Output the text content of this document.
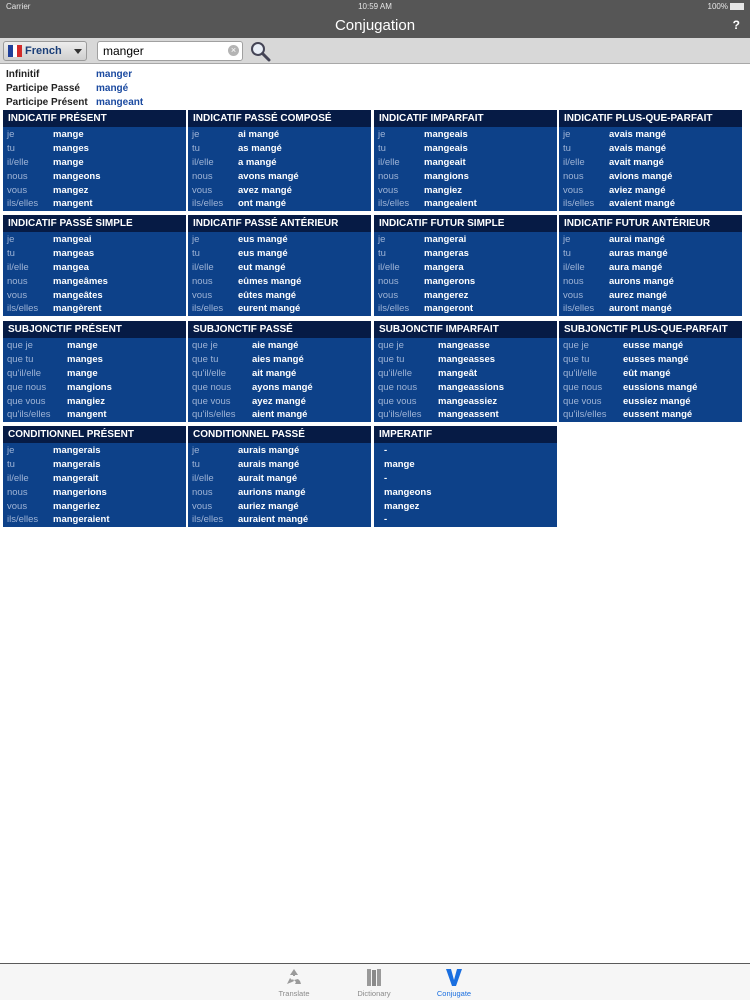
Carrier	10:59 AM	100%
Conjugation	?
French
manger	×
Infinitif	manger
Participe Passé mangé
Participe Présent mangeant
INDICATIF PRÉSENT
je	mange
tu	manges
il/elle	mange
nous	mangeons
vous	mangez
ils/elles mangent
INDICATIF PASSÉ COMPOSÉ
je	ai mangé
tu	as mangé
il/elle	a mangé
nous	avons mangé
vous	avez mangé
ils/elles ont mangé
INDICATIF IMPARFAIT
je	mangeais
tu	mangeais
il/elle	mangeait
nous	mangions
vous	mangiez
ils/elles mangeaient
INDICATIF PLUS-QUE-PARFAIT
je	avais mangé
tu	avais mangé
il/elle	avait mangé
nous	avions mangé
vous	aviez mangé
ils/elles avaient mangé
INDICATIF PASSÉ SIMPLE
je	mangeai
tu	mangeas
il/elle	mangea
nous	mangeâmes
vous	mangeâtes
ils/elles mangèrent
INDICATIF PASSÉ ANTÉRIEUR
je	eus mangé
tu	eus mangé
il/elle	eut mangé
nous	eûmes mangé
vous	eûtes mangé
ils/elles eurent mangé
INDICATIF FUTUR SIMPLE
je	mangerai
tu	mangeras
il/elle	mangera
nous	mangerons
vous	mangerez
ils/elles mangeront
INDICATIF FUTUR ANTÉRIEUR
je	aurai mangé
tu	auras mangé
il/elle	aura mangé
nous	aurons mangé
vous	aurez mangé
ils/elles auront mangé
SUBJONCTIF PRÉSENT
que je	mange
que tu	manges
qu'il/elle	mange
que nous mangions
que vous mangiez
qu'ils/elles mangent
SUBJONCTIF PASSÉ
que je	aie mangé
que tu	aies mangé
qu'il/elle	ait mangé
que nous ayons mangé
que vous ayez mangé
qu'ils/elles aient mangé
SUBJONCTIF IMPARFAIT
que je	mangeasse
que tu	mangeasses
qu'il/elle	mangeât
que nous mangeassions
que vous mangeassiez
qu'ils/elles mangeassent
SUBJONCTIF PLUS-QUE-PARFAIT
que je	eusse mangé
que tu	eusses mangé
qu'il/elle	eût mangé
que nous eussions mangé
que vous eussiez mangé
qu'ils/elles eussent mangé
CONDITIONNEL PRÉSENT
je	mangerais
tu	mangerais
il/elle	mangerait
nous	mangerions
vous	mangeriez
ils/elles mangeraient
CONDITIONNEL PASSÉ
je	aurais mangé
tu	aurais mangé
il/elle	aurait mangé
nous	aurions mangé
vous	auriez mangé
ils/elles auraient mangé
IMPERATIF
-
mange
-
mangeons
mangez
-
Translate	Dictionary	Conjugate
